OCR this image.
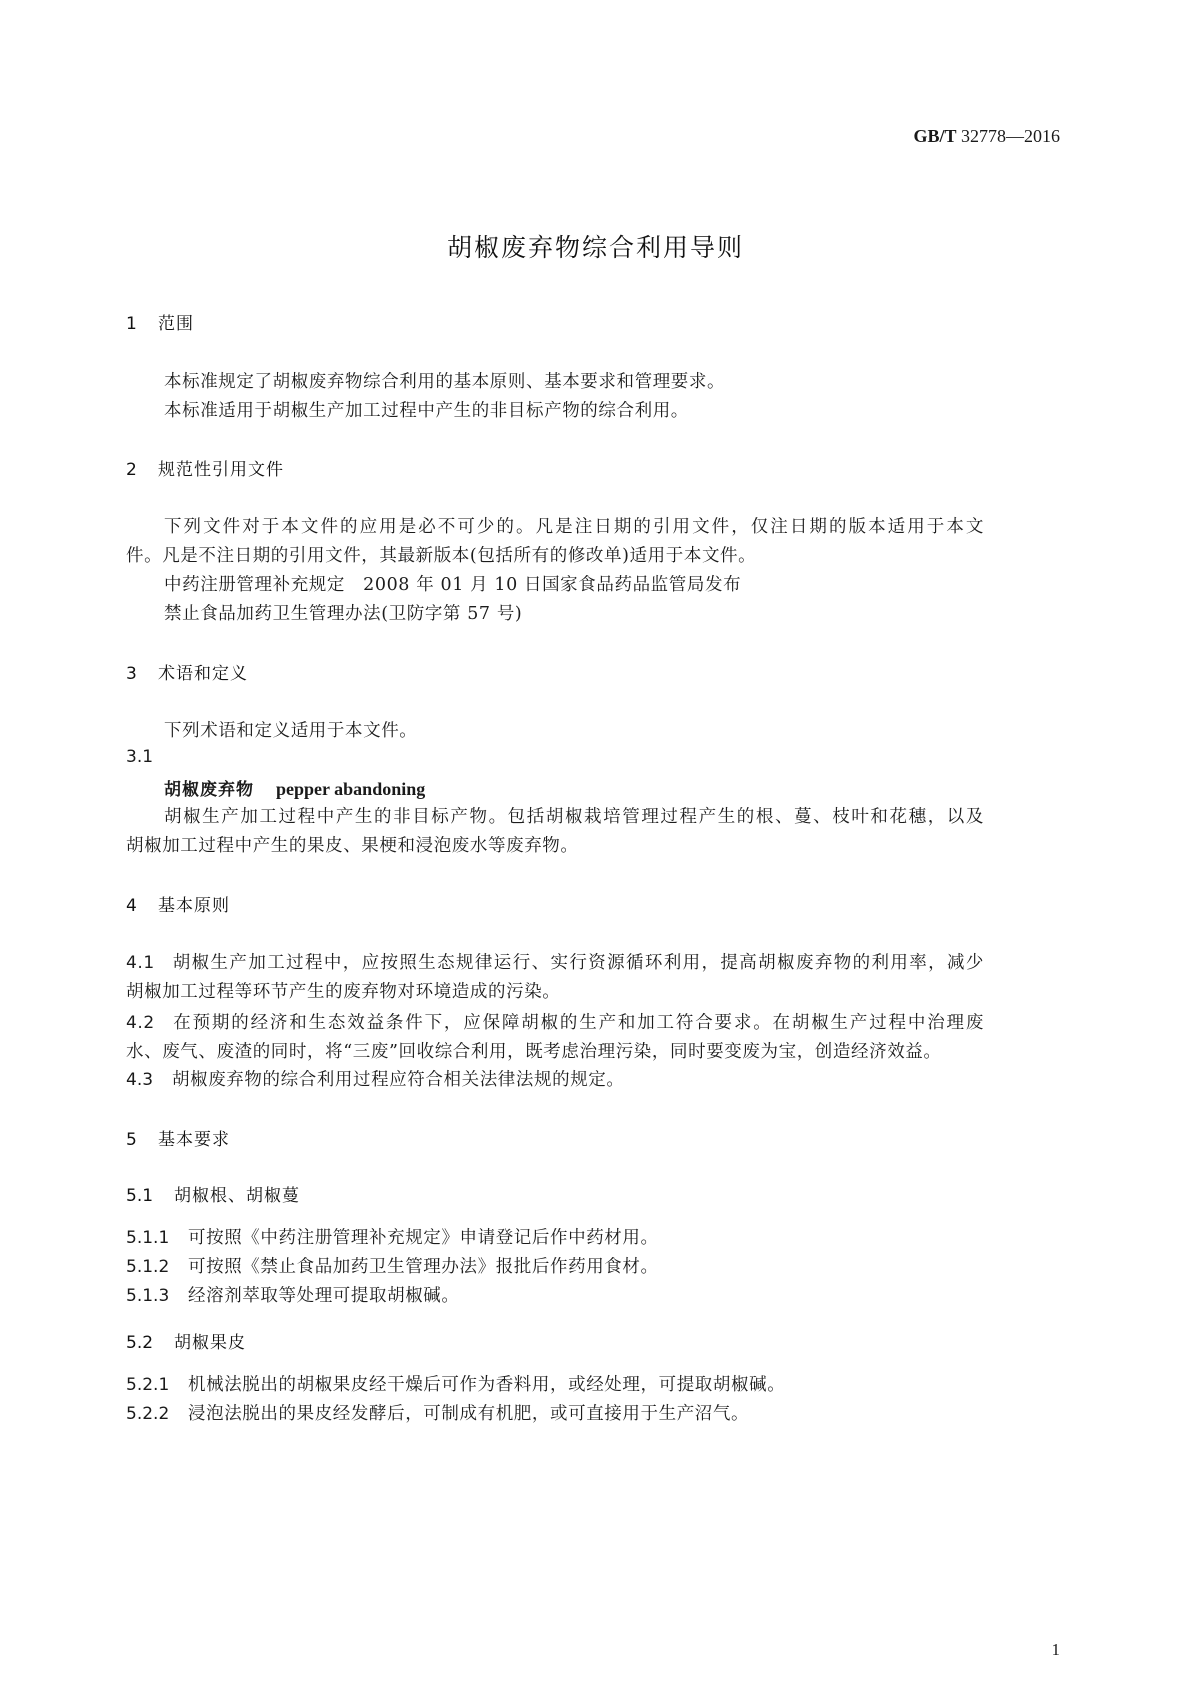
GB/T 32778—2016
胡椒废弃物综合利用导则
1 范围
本标准规定了胡椒废弃物综合利用的基本原则、基本要求和管理要求。
本标准适用于胡椒生产加工过程中产生的非目标产物的综合利用。
2 规范性引用文件
下列文件对于本文件的应用是必不可少的。凡是注日期的引用文件，仅注日期的版本适用于本文
件。凡是不注日期的引用文件，其最新版本(包括所有的修改单)适用于本文件。
中药注册管理补充规定　2008 年 01 月 10 日国家食品药品监管局发布
禁止食品加药卫生管理办法(卫防字第 57 号)
3 术语和定义
下列术语和定义适用于本文件。
3.1
胡椒废弃物 pepper abandoning
胡椒生产加工过程中产生的非目标产物。包括胡椒栽培管理过程产生的根、蔓、枝叶和花穗，以及
胡椒加工过程中产生的果皮、果梗和浸泡废水等废弃物。
4 基本原则
4.1 胡椒生产加工过程中，应按照生态规律运行、实行资源循环利用，提高胡椒废弃物的利用率，减少
胡椒加工过程等环节产生的废弃物对环境造成的污染。
4.2 在预期的经济和生态效益条件下，应保障胡椒的生产和加工符合要求。在胡椒生产过程中治理废
水、废气、废渣的同时，将“三废”回收综合利用，既考虑治理污染，同时要变废为宝，创造经济效益。
4.3 胡椒废弃物的综合利用过程应符合相关法律法规的规定。
5 基本要求
5.1 胡椒根、胡椒蔓
5.1.1 可按照《中药注册管理补充规定》申请登记后作中药材用。
5.1.2 可按照《禁止食品加药卫生管理办法》报批后作药用食材。
5.1.3 经溶剂萃取等处理可提取胡椒碱。
5.2 胡椒果皮
5.2.1 机械法脱出的胡椒果皮经干燥后可作为香料用，或经处理，可提取胡椒碱。
5.2.2 浸泡法脱出的果皮经发酵后，可制成有机肥，或可直接用于生产沼气。
1
